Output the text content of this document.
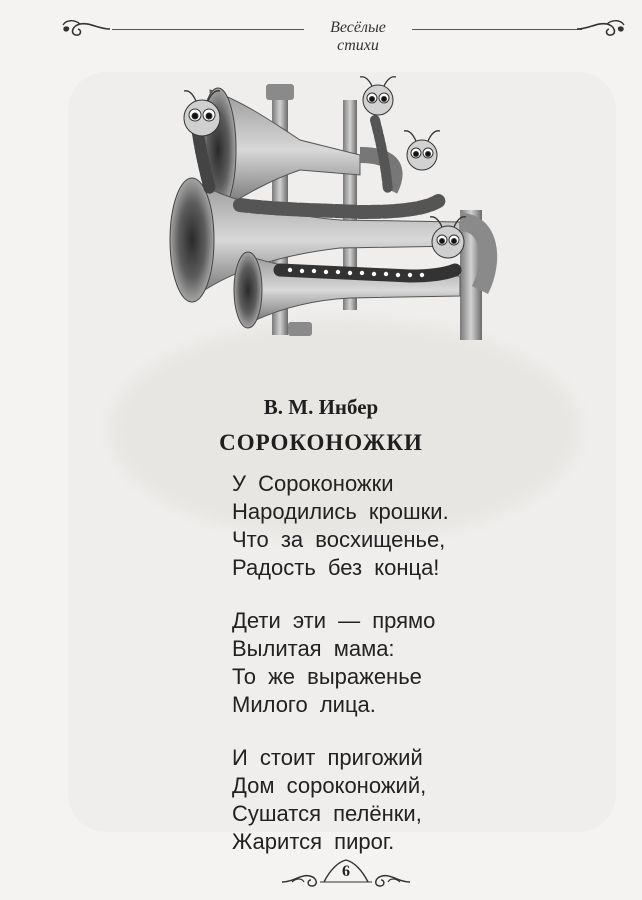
Весёлые стихи
В. М. Инбер
СОРОКОНОЖКИ
У Сороконожки
Народились крошки.
Что за восхищенье,
Радость без конца!
Дети эти — прямо
Вылитая мама:
То же выраженье
Милого лица.
И стоит пригожий
Дом сороконожий,
Сушатся пелёнки,
Жарится пирог.
6
